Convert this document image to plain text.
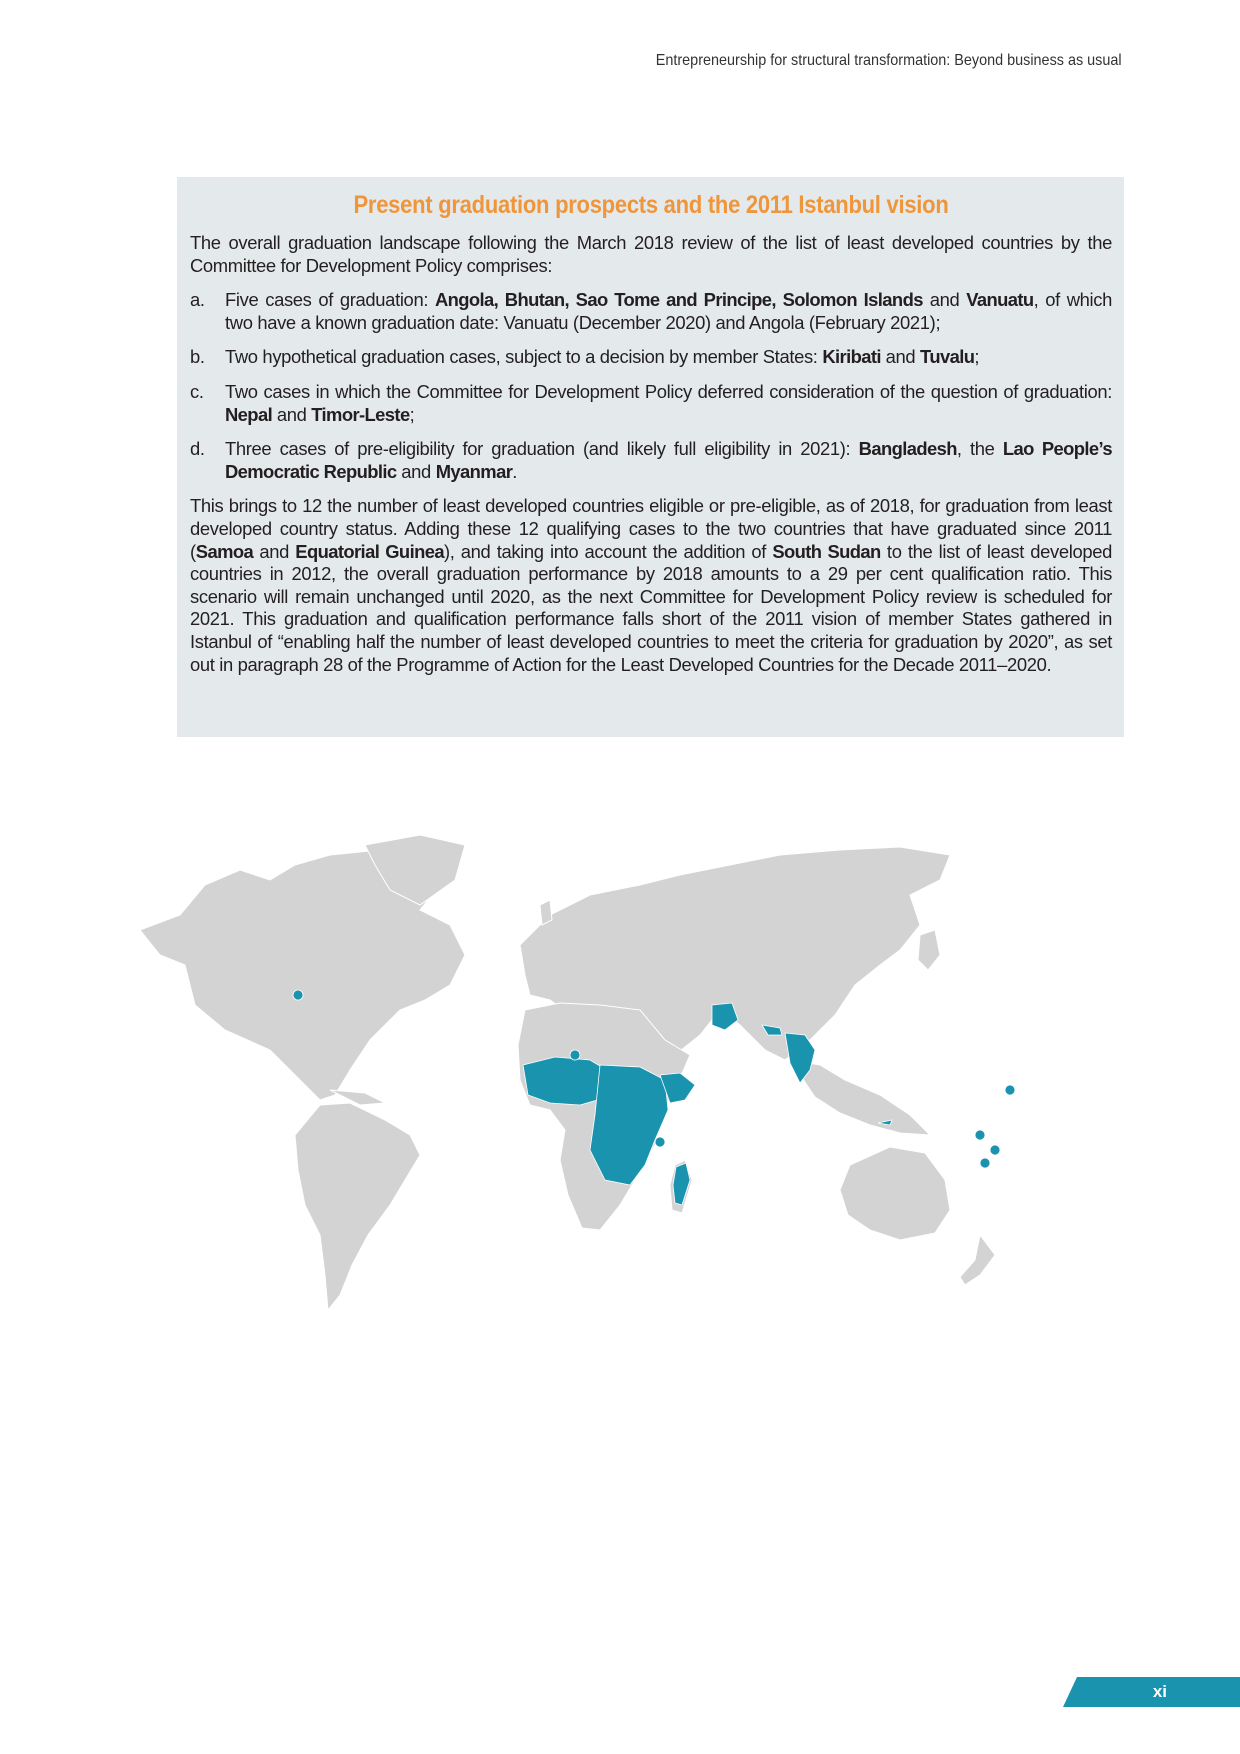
Entrepreneurship for structural transformation: Beyond business as usual
Present graduation prospects and the 2011 Istanbul vision

The overall graduation landscape following the March 2018 review of the list of least developed countries by the Committee for Development Policy comprises:

a. Five cases of graduation: Angola, Bhutan, Sao Tome and Principe, Solomon Islands and Vanuatu, of which two have a known graduation date: Vanuatu (December 2020) and Angola (February 2021);
b. Two hypothetical graduation cases, subject to a decision by member States: Kiribati and Tuvalu;
c. Two cases in which the Committee for Development Policy deferred consideration of the question of graduation: Nepal and Timor-Leste;
d. Three cases of pre-eligibility for graduation (and likely full eligibility in 2021): Bangladesh, the Lao People’s Democratic Republic and Myanmar.

This brings to 12 the number of least developed countries eligible or pre-eligible, as of 2018, for graduation from least developed country status. Adding these 12 qualifying cases to the two countries that have graduated since 2011 (Samoa and Equatorial Guinea), and taking into account the addition of South Sudan to the list of least developed countries in 2012, the overall graduation performance by 2018 amounts to a 29 per cent qualification ratio. This scenario will remain unchanged until 2020, as the next Committee for Development Policy review is scheduled for 2021. This graduation and qualification performance falls short of the 2011 vision of member States gathered in Istanbul of “enabling half the number of least developed countries to meet the criteria for graduation by 2020”, as set out in paragraph 28 of the Programme of Action for the Least Developed Countries for the Decade 2011–2020.

xi
